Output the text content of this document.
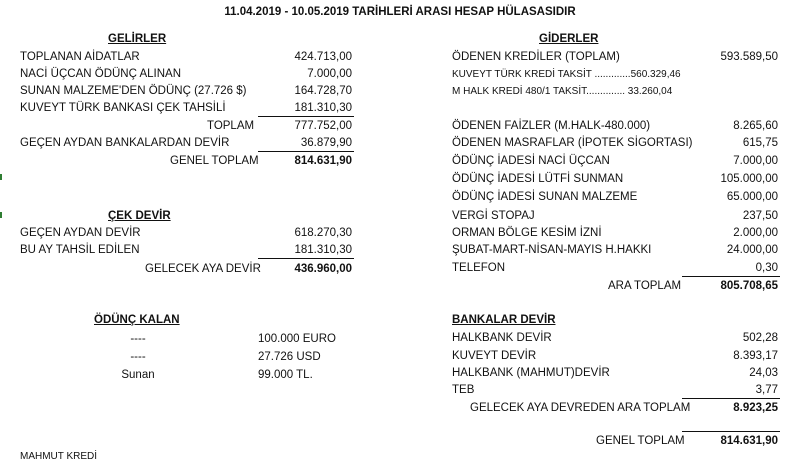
11.04.2019 - 10.05.2019 TARİHLERİ ARASI HESAP HÜLASASIDIR
GELİRLER
TOPLANAN AİDATLAR	424.713,00
NACİ ÜÇCAN ÖDÜNÇ ALINAN	7.000,00
SUNAN MALZEME'DEN ÖDÜNÇ (27.726 $)	164.728,70
KUVEYT TÜRK BANKASI ÇEK TAHSİLİ	181.310,30
TOPLAM	777.752,00
GEÇEN AYDAN BANKALARDAN DEVİR	36.879,90
GENEL TOPLAM	814.631,90
ÇEK DEVİR
GEÇEN AYDAN DEVİR	618.270,30
BU AY TAHSİL EDİLEN	181.310,30
GELECEK AYA DEVİR	436.960,00
ÖDÜNÇ KALAN
----	100.000 EURO
----	27.726 USD
Sunan	99.000 TL.
GİDERLER
ÖDENEN KREDİLER (TOPLAM)	593.589,50
KUVEYT TÜRK KREDİ TAKSİT .............560.329,46
M HALK KREDİ 480/1 TAKSİT.............. 33.260,04
ÖDENEN FAİZLER (M.HALK-480.000)	8.265,60
ÖDENEN MASRAFLAR (İPOTEK SİGORTASI)	615,75
ÖDÜNÇ İADESİ NACİ ÜÇCAN	7.000,00
ÖDÜNÇ İADESİ LÜTFİ SUNMAN	105.000,00
ÖDÜNÇ İADESİ SUNAN MALZEME	65.000,00
VERGİ STOPAJ	237,50
ORMAN BÖLGE KESİM İZNİ	2.000,00
ŞUBAT-MART-NİSAN-MAYIS H.HAKKI	24.000,00
TELEFON	0,30
ARA TOPLAM	805.708,65
BANKALAR DEVİR
HALKBANK DEVİR	502,28
KUVEYT DEVİR	8.393,17
HALKBANK (MAHMUT)DEVİR	24,03
TEB	3,77
GELECEK AYA DEVREDEN ARA TOPLAM	8.923,25
GENEL TOPLAM	814.631,90
MAHMUT KREDİ
